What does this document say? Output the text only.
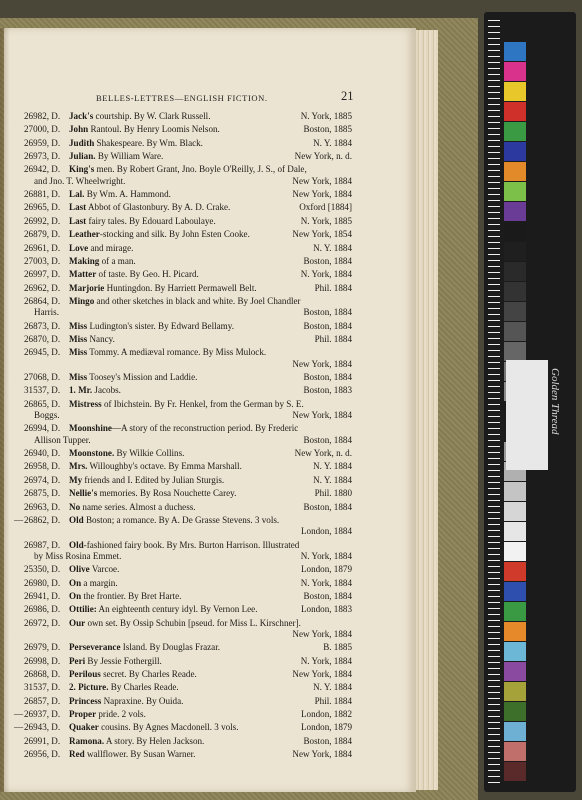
BELLES-LETTRES—ENGLISH FICTION.	21
26982, D. Jack's courtship. By W. Clark Russell.	N. York, 1885
27000, D. John Rantoul. By Henry Loomis Nelson.	Boston, 1885
26959, D. Judith Shakespeare. By Wm. Black.	N. Y. 1884
26973, D. Julian. By William Ware.	New York, n. d.
26942, D. King's men. By Robert Grant, Jno. Boyle O'Reilly, J. S., of Dale,
and Jno. T. Wheelwright.	New York, 1884
26881, D. Lal. By Wm. A. Hammond.	New York, 1884
26965, D. Last Abbot of Glastonbury. By A. D. Crake.	Oxford [1884]
26992, D. Last fairy tales. By Edouard Laboulaye.	N. York, 1885
26879, D. Leather-stocking and silk. By John Esten Cooke.	New York, 1854
26961, D. Love and mirage.	N. Y. 1884
27003, D. Making of a man.	Boston, 1884
26997, D. Matter of taste. By Geo. H. Picard.	N. York, 1884
26962, D. Marjorie Huntingdon. By Harriett Permawell Belt.	Phil. 1884
26864, D. Mingo and other sketches in black and white. By Joel Chandler
Harris.	Boston, 1884
26873, D. Miss Ludington's sister. By Edward Bellamy.	Boston, 1884
26870, D. Miss Nancy.	Phil. 1884
26945, D. Miss Tommy. A mediæval romance. By Miss Mulock.
New York, 1884
27068, D. Miss Toosey's Mission and Laddie.	Boston, 1884
31537, D. 1. Mr. Jacobs.	Boston, 1883
26865, D. Mistress of Ibichstein. By Fr. Henkel, from the German by S. E.
Boggs.	New York, 1884
26994, D. Moonshine—A story of the reconstruction period. By Frederic
Allison Tupper.	Boston, 1884
26940, D. Moonstone. By Wilkie Collins.	New York, n. d.
26958, D. Mrs. Willoughby's octave. By Emma Marshall.	N. Y. 1884
26974, D. My friends and I. Edited by Julian Sturgis.	N. Y. 1884
26875, D. Nellie's memories. By Rosa Nouchette Carey.	Phil. 1880
26963, D. No name series. Almost a duchess.	Boston, 1884
— 26862, D. Old Boston; a romance. By A. De Grasse Stevens. 3 vols.
London, 1884
26987, D. Old-fashioned fairy book. By Mrs. Burton Harrison. Illustrated
by Miss Rosina Emmet.	N. York, 1884
25350, D. Olive Varcoe.	London, 1879
26980, D. On a margin.	N. York, 1884
26941, D. On the frontier. By Bret Harte.	Boston, 1884
26986, D. Ottilie: An eighteenth century idyl. By Vernon Lee.	London, 1883
26972, D. Our own set. By Ossip Schubin [pseud. for Miss L. Kirschner].
New York, 1884
26979, D. Perseverance Island. By Douglas Frazar.	B. 1885
26998, D. Peri By Jessie Fothergill.	N. York, 1884
26868, D. Perilous secret. By Charles Reade.	New York, 1884
31537, D. 2. Picture. By Charles Reade.	N. Y. 1884
26857, D. Princess Napraxine. By Ouida.	Phil. 1884
— 26937, D. Proper pride. 2 vols.	London, 1882
— 26943, D. Quaker cousins. By Agnes Macdonell. 3 vols.	London, 1879
26991, D. Ramona. A story. By Helen Jackson.	Boston, 1884
26956, D. Red wallflower. By Susan Warner.	New York, 1884
Golden Thread
